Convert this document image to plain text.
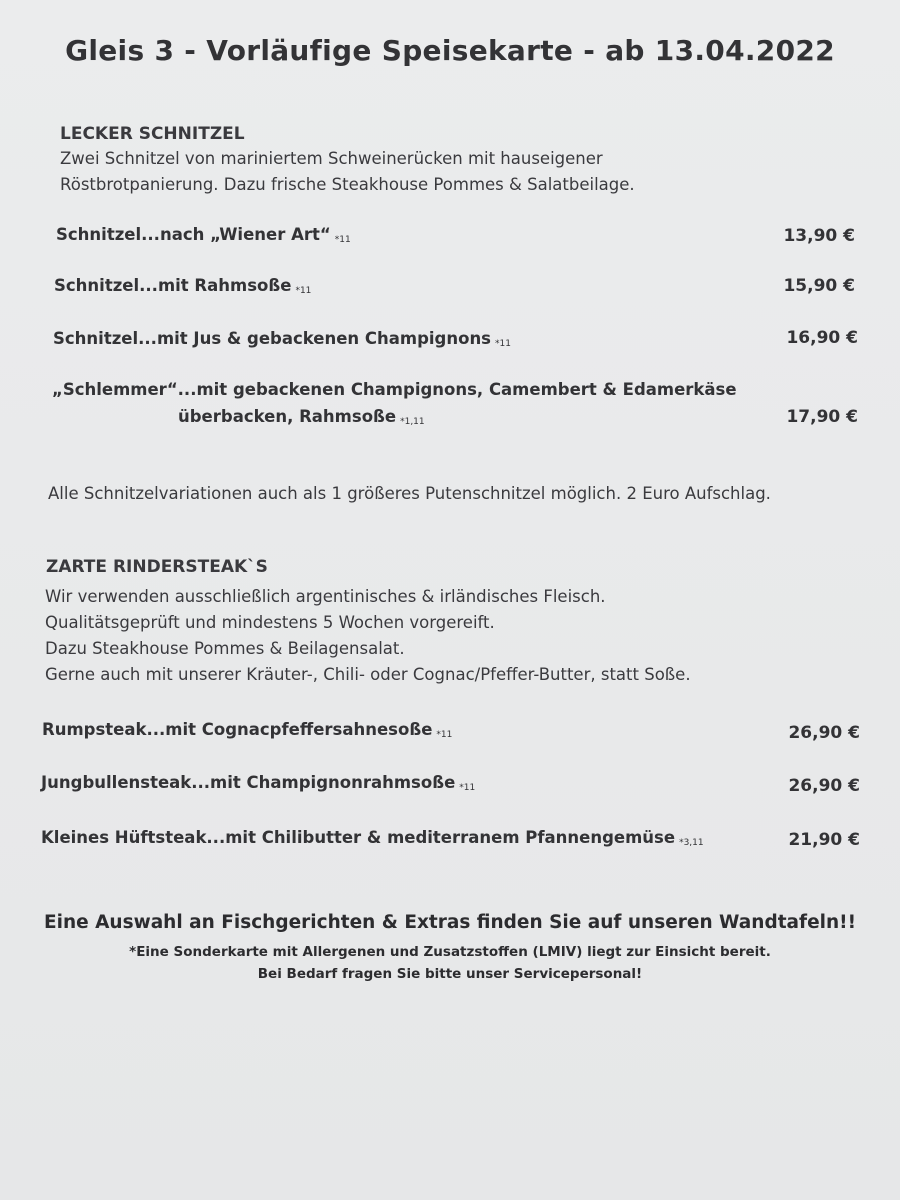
Gleis 3 - Vorläufige Speisekarte - ab 13.04.2022
LECKER SCHNITZEL
Zwei Schnitzel von mariniertem Schweinerücken mit hauseigener
Röstbrotpanierung. Dazu frische Steakhouse Pommes & Salatbeilage.
Schnitzel...nach „Wiener Art“ *11	13,90 €
Schnitzel...mit Rahmsoße *11	15,90 €
Schnitzel...mit Jus & gebackenen Champignons *11	16,90 €
„Schlemmer“...mit gebackenen Champignons, Camembert & Edamerkäse
überbacken, Rahmsoße *1,11	17,90 €
Alle Schnitzelvariationen auch als 1 größeres Putenschnitzel möglich. 2 Euro Aufschlag.
ZARTE RINDERSTEAK`S
Wir verwenden ausschließlich argentinisches & irländisches Fleisch.
Qualitätsgeprüft und mindestens 5 Wochen vorgereift.
Dazu Steakhouse Pommes & Beilagensalat.
Gerne auch mit unserer Kräuter-, Chili- oder Cognac/Pfeffer-Butter, statt Soße.
Rumpsteak...mit Cognacpfeffersahnesoße *11	26,90 €
Jungbullensteak...mit Champignonrahmsoße *11	26,90 €
Kleines Hüftsteak...mit Chilibutter & mediterranem Pfannengemüse *3,11	21,90 €
Eine Auswahl an Fischgerichten & Extras finden Sie auf unseren Wandtafeln!!
*Eine Sonderkarte mit Allergenen und Zusatzstoffen (LMIV) liegt zur Einsicht bereit.
Bei Bedarf fragen Sie bitte unser Servicepersonal!
